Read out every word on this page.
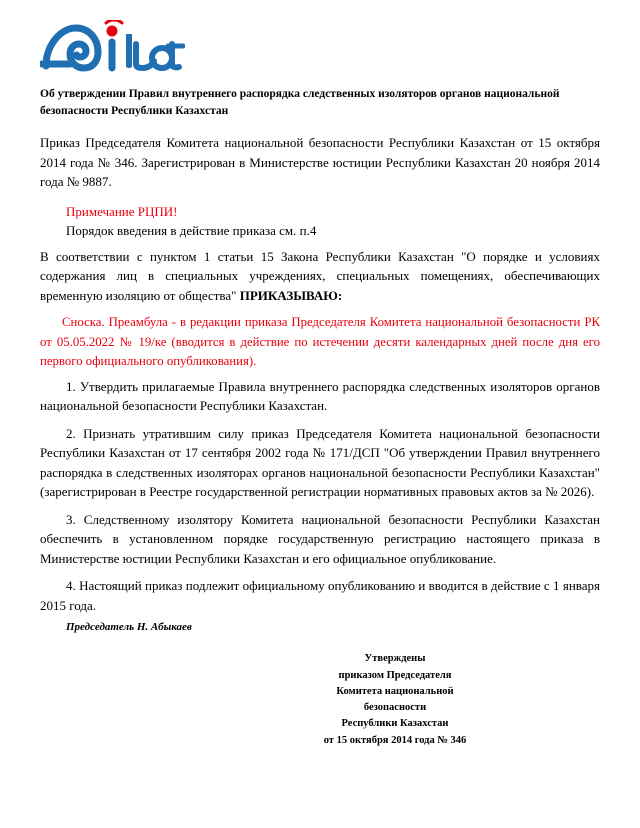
Об утверждении Правил внутреннего распорядка следственных изоляторов органов национальной безопасности Республики Казахстан

Приказ Председателя Комитета национальной безопасности Республики Казахстан от 15 октября 2014 года № 346. Зарегистрирован в Министерстве юстиции Республики Казахстан 20 ноября 2014 года № 9887.

Примечание РЦПИ!

Порядок введения в действие приказа см. п.4

В соответствии с пунктом 1 статьи 15 Закона Республики Казахстан "О порядке и условиях содержания лиц в специальных учреждениях, специальных помещениях, обеспечивающих временную изоляцию от общества" ПРИКАЗЫВАЮ:

Сноска. Преамбула - в редакции приказа Председателя Комитета национальной безопасности РК от 05.05.2022 № 19/ке (вводится в действие по истечении десяти календарных дней после дня его первого официального опубликования).

1. Утвердить прилагаемые Правила внутреннего распорядка следственных изоляторов органов национальной безопасности Республики Казахстан.

2. Признать утратившим силу приказ Председателя Комитета национальной безопасности Республики Казахстан от 17 сентября 2002 года № 171/ДСП "Об утверждении Правил внутреннего распорядка в следственных изоляторах органов национальной безопасности Республики Казахстан" (зарегистрирован в Реестре государственной регистрации нормативных правовых актов за № 2026).

3. Следственному изолятору Комитета национальной безопасности Республики Казахстан обеспечить в установленном порядке государственную регистрацию настоящего приказа в Министерстве юстиции Республики Казахстан и его официальное опубликование.

4. Настоящий приказ подлежит официальному опубликованию и вводится в действие с 1 января 2015 года.

Председатель Н. Абыкаев
Утверждены
приказом Председателя
Комитета национальной
безопасности
Республики Казахстан
от 15 октября 2014 года № 346
